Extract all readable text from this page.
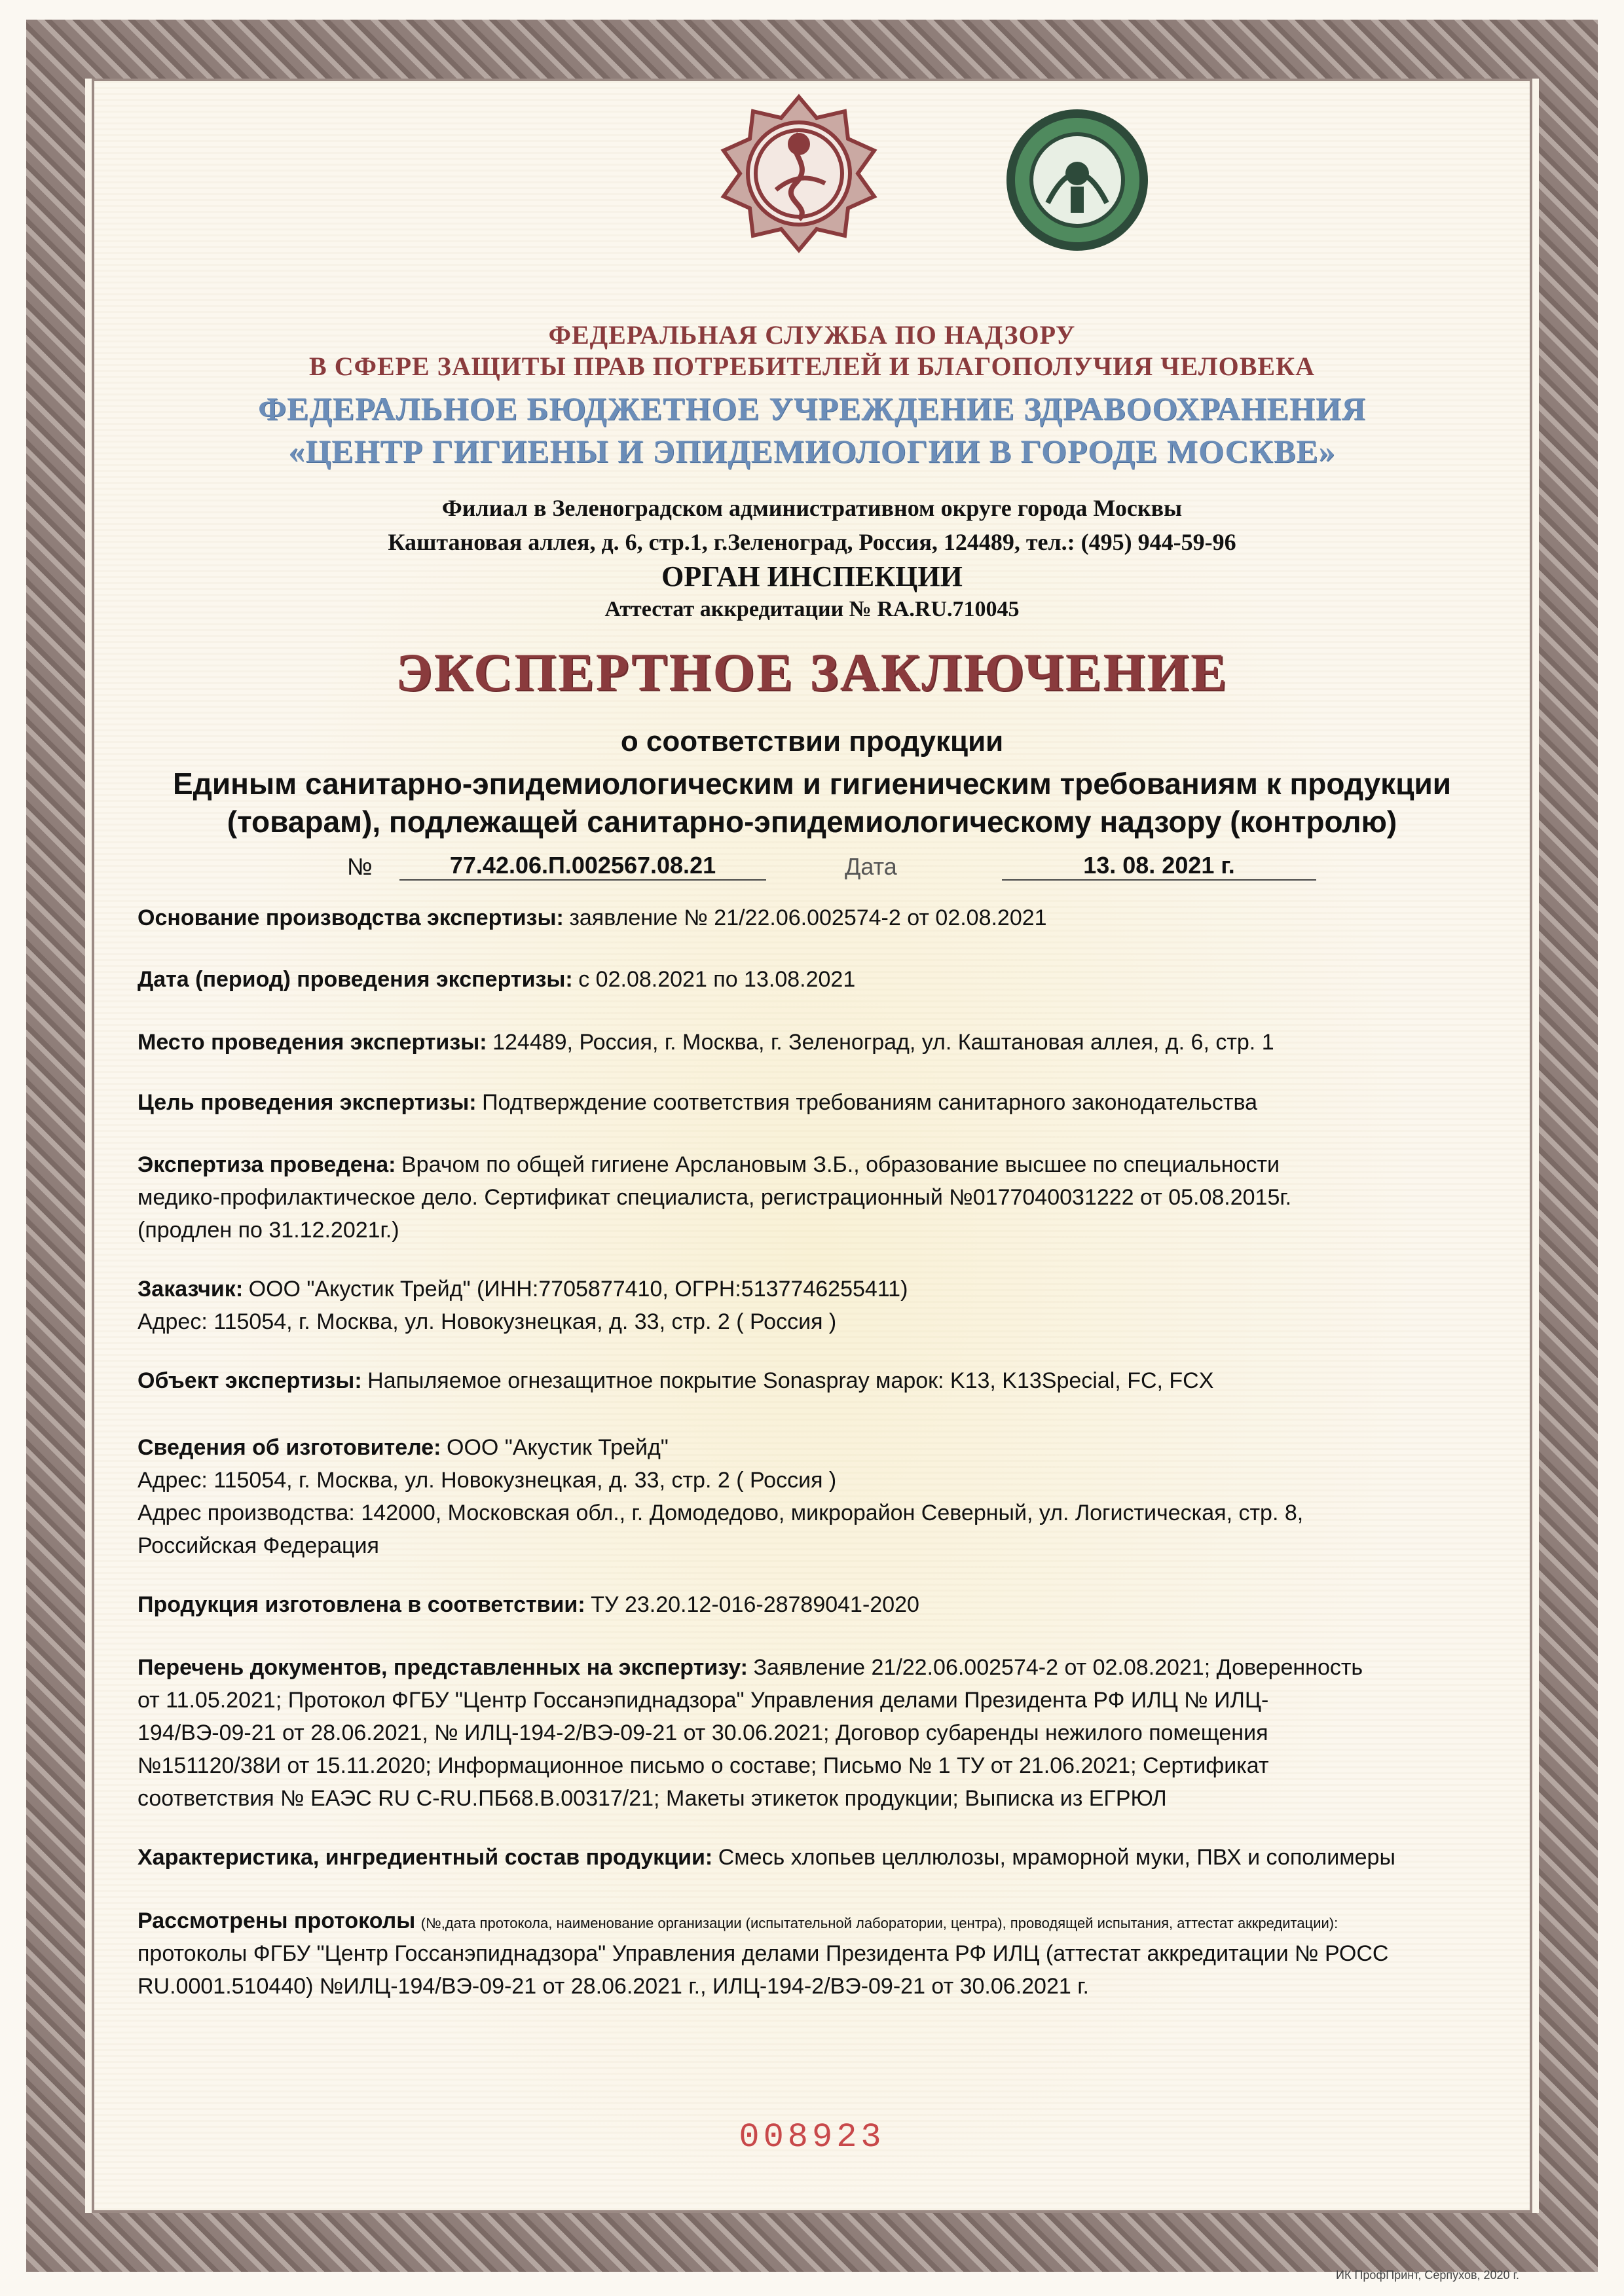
ФЕДЕРАЛЬНАЯ СЛУЖБА ПО НАДЗОРУ
В СФЕРЕ ЗАЩИТЫ ПРАВ ПОТРЕБИТЕЛЕЙ И БЛАГОПОЛУЧИЯ ЧЕЛОВЕКА
ФЕДЕРАЛЬНОЕ БЮДЖЕТНОЕ УЧРЕЖДЕНИЕ ЗДРАВООХРАНЕНИЯ
«ЦЕНТР ГИГИЕНЫ И ЭПИДЕМИОЛОГИИ В ГОРОДЕ МОСКВЕ»
Филиал в Зеленоградском административном округе города Москвы
Каштановая аллея, д. 6, стр.1, г.Зеленоград, Россия, 124489, тел.: (495) 944-59-96
ОРГАН ИНСПЕКЦИИ
Аттестат аккредитации № RA.RU.710045
ЭКСПЕРТНОЕ ЗАКЛЮЧЕНИЕ
о соответствии продукции
Единым санитарно-эпидемиологическим и гигиеническим требованиям к продукции
(товарам), подлежащей санитарно-эпидемиологическому надзору (контролю)
№	77.42.06.П.002567.08.21	Дата	13. 08. 2021 г.
Основание производства экспертизы: заявление № 21/22.06.002574-2 от 02.08.2021
Дата (период) проведения экспертизы: с 02.08.2021 по 13.08.2021
Место проведения экспертизы: 124489, Россия, г. Москва, г. Зеленоград, ул. Каштановая аллея, д. 6, стр. 1
Цель проведения экспертизы: Подтверждение соответствия требованиям санитарного законодательства
Экспертиза проведена: Врачом по общей гигиене Арслановым З.Б., образование высшее по специальности
медико-профилактическое дело. Сертификат специалиста, регистрационный №0177040031222 от 05.08.2015г.
(продлен по 31.12.2021г.)
Заказчик: ООО "Акустик Трейд" (ИНН:7705877410, ОГРН:5137746255411)
Адрес: 115054, г. Москва, ул. Новокузнецкая, д. 33, стр. 2 ( Россия )
Объект экспертизы: Напыляемое огнезащитное покрытие Sonaspray марок: K13, K13Special, FC, FCX
Сведения об изготовителе: ООО "Акустик Трейд"
Адрес: 115054, г. Москва, ул. Новокузнецкая, д. 33, стр. 2 ( Россия )
Адрес производства: 142000, Московская обл., г. Домодедово, микрорайон Северный, ул. Логистическая, стр. 8,
Российская Федерация
Продукция изготовлена в соответствии: ТУ 23.20.12-016-28789041-2020
Перечень документов, представленных на экспертизу: Заявление 21/22.06.002574-2 от 02.08.2021; Доверенность
от 11.05.2021; Протокол ФГБУ "Центр Госсанэпиднадзора" Управления делами Президента РФ ИЛЦ № ИЛЦ-
194/ВЭ-09-21 от 28.06.2021, № ИЛЦ-194-2/ВЭ-09-21 от 30.06.2021; Договор субаренды нежилого помещения
№151120/38И от 15.11.2020; Информационное письмо о составе; Письмо № 1 ТУ от 21.06.2021; Сертификат
соответствия № ЕАЭС RU С-RU.ПБ68.В.00317/21; Макеты этикеток продукции; Выписка из ЕГРЮЛ
Характеристика, ингредиентный состав продукции: Смесь хлопьев целлюлозы, мраморной муки, ПВХ и сополимеры
Рассмотрены протоколы (№,дата протокола, наименование организации (испытательной лаборатории, центра), проводящей испытания, аттестат аккредитации):
протоколы ФГБУ "Центр Госсанэпиднадзора" Управления делами Президента РФ ИЛЦ (аттестат аккредитации № РОСС
RU.0001.510440) №ИЛЦ-194/ВЭ-09-21 от 28.06.2021 г., ИЛЦ-194-2/ВЭ-09-21 от 30.06.2021 г.
008923
ИК ПрофПринт, Серпухов, 2020 г.
